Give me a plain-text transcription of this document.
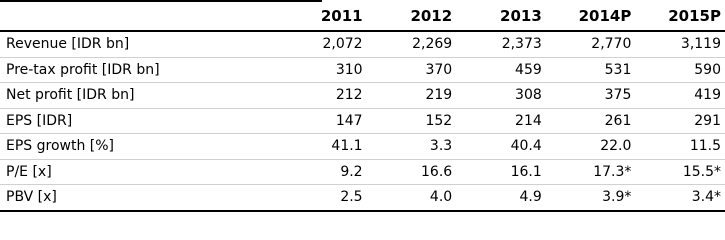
	2011	2012	2013	2014P	2015P
Revenue [IDR bn]	2,072	2,269	2,373	2,770	3,119
Pre-tax profit [IDR bn]	310	370	459	531	590
Net profit [IDR bn]	212	219	308	375	419
EPS [IDR]	147	152	214	261	291
EPS growth [%]	41.1	3.3	40.4	22.0	11.5
P/E [x]	9.2	16.6	16.1	17.3*	15.5*
PBV [x]	2.5	4.0	4.9	3.9*	3.4*
